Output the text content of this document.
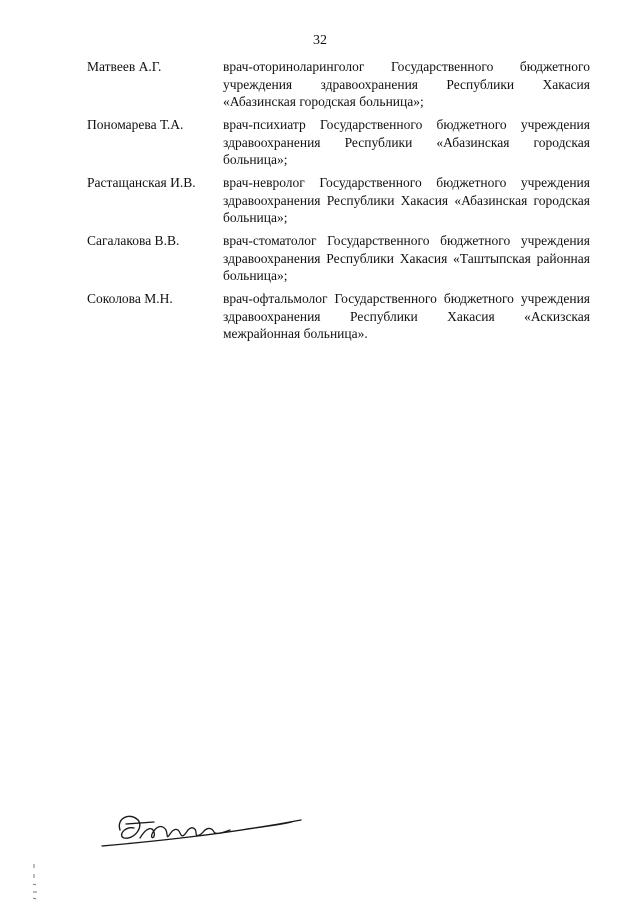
32
Матвеев А.Г.	врач-оториноларинголог Государственного бюджетного учреждения здравоохранения Республики Хакасия «Абазинская городская больница»;
Пономарева Т.А.	врач-психиатр Государственного бюджетного учреждения здравоохранения Республики «Абазинская городская больница»;
Растащанская И.В. врач-невролог Государственного бюджетного учреждения здравоохранения Республики Хакасия «Абазинская городская больница»;
Сагалакова В.В.	врач-стоматолог Государственного бюджетного учреждения здравоохранения Республики Хакасия «Таштыпская районная больница»;
Соколова М.Н.	врач-офтальмолог Государственного бюджетного учреждения здравоохранения Республики Хакасия «Аскизская межрайонная больница».
